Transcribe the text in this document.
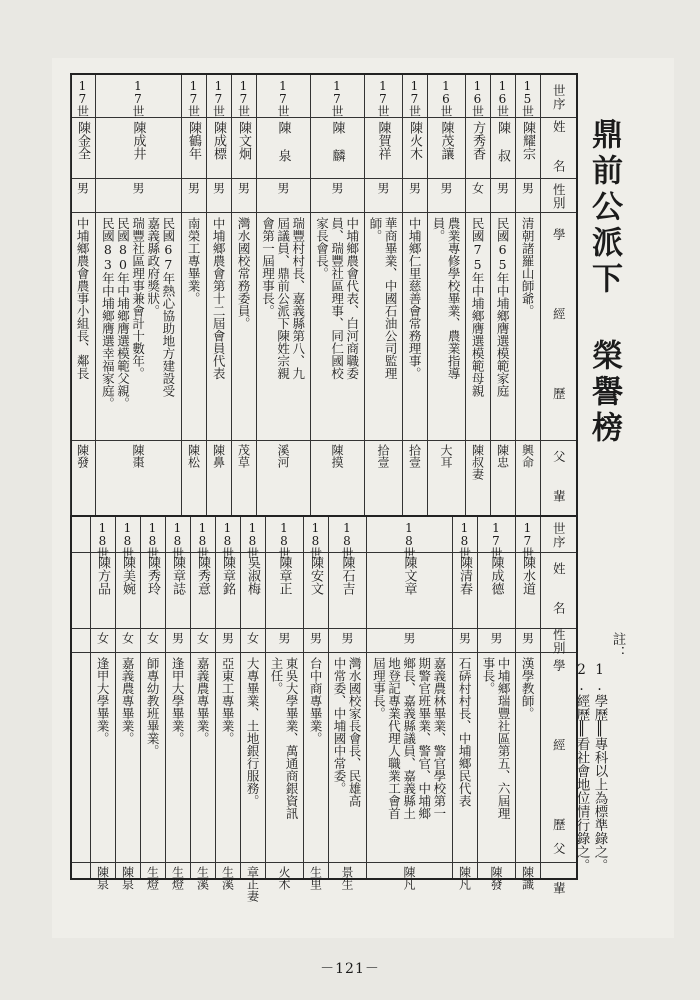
鼎前公派下 榮譽榜
世序
姓 名
性別
學 經 歷
父 輩
15世
陳耀宗
男
興命
清朝諸羅山師爺。
16世
陳 叔
男
陳忠
民國65年中埔鄉膺選模範家庭
16世
方秀香
女
陳叔妻
民國75年中埔鄉膺選模範母親
16世
陳茂讓
男
大耳
農業專修學校畢業、農業指導
員。
17世
陳火木
男
拾壹
中埔鄉仁里慈善會常務理事。
17世
陳賀祥
男
拾壹
華商畢業、中國石油公司監理
師。
17世
陳 麟
男
陳摸
中埔鄉農會代表、白河商職委
員、瑞豐社區理事、同仁國校
家長會長。
17世
陳 泉
男
溪河
瑞豐村村長、嘉義縣第八、九
屆議員、鼎前公派下陳姓宗親
會第一屆理事長。
17世
陳文炯
男
茂草
灣水國校常務委員。
17世
陳成標
男
陳鼻
中埔鄉農會第十二屆會員代表
17世
陳鶴年
男
陳松
南榮工專畢業。
17世
陳成井
男
陳棗
民國67年熱心協助地方建設受
嘉義縣政府獎狀。
瑞豐社區理事兼會計十數年。
民國80年中埔鄉膺選模範父親。
民國83年中埔鄉膺選幸福家庭。
17世
陳金全
男
陳發
中埔鄉農會農事小組長、鄰長
世序
姓 名
性別
學 經 歷
父 輩
17世
陳水道
男
陳識
漢學教師。
17世
陳成德
男
陳發
中埔鄉瑞豐社區第五、六屆理
事長。
18世
陳清春
男
陳凡
石硦村村長、中埔鄉民代表
18世
陳文章
男
陳凡
嘉義農林畢業、警官學校第一
期警官班畢業、警官、中埔鄉
鄉長、嘉義縣議員、嘉義縣土
地登記專業代理人職業工會首
屆理事長。
18世
陳石吉
男
景生
灣水國校家長會長、民雄高
中常委、中埔國中常委。
18世
陳安文
男
生里
台中商專畢業。
18世
陳章正
男
火木
東吳大學畢業、萬通商銀資訊
主任。
18世
吳淑梅
女
章正妻
大專畢業、土地銀行服務。
18世
陳章銘
男
生溪
亞東工專畢業。
18世
陳秀意
女
生溪
嘉義農專畢業。
18世
陳章誌
男
生燈
逢甲大學畢業。
18世
陳秀玲
女
生燈
師專幼教班畢業。
18世
陳美婉
女
陳泉
嘉義農專畢業。
18世
陳方品
女
陳泉
逢甲大學畢業。
註：
1.學歷║專科以上為標準錄之。
2.經歷║看社會地位情行錄之。
－121－
